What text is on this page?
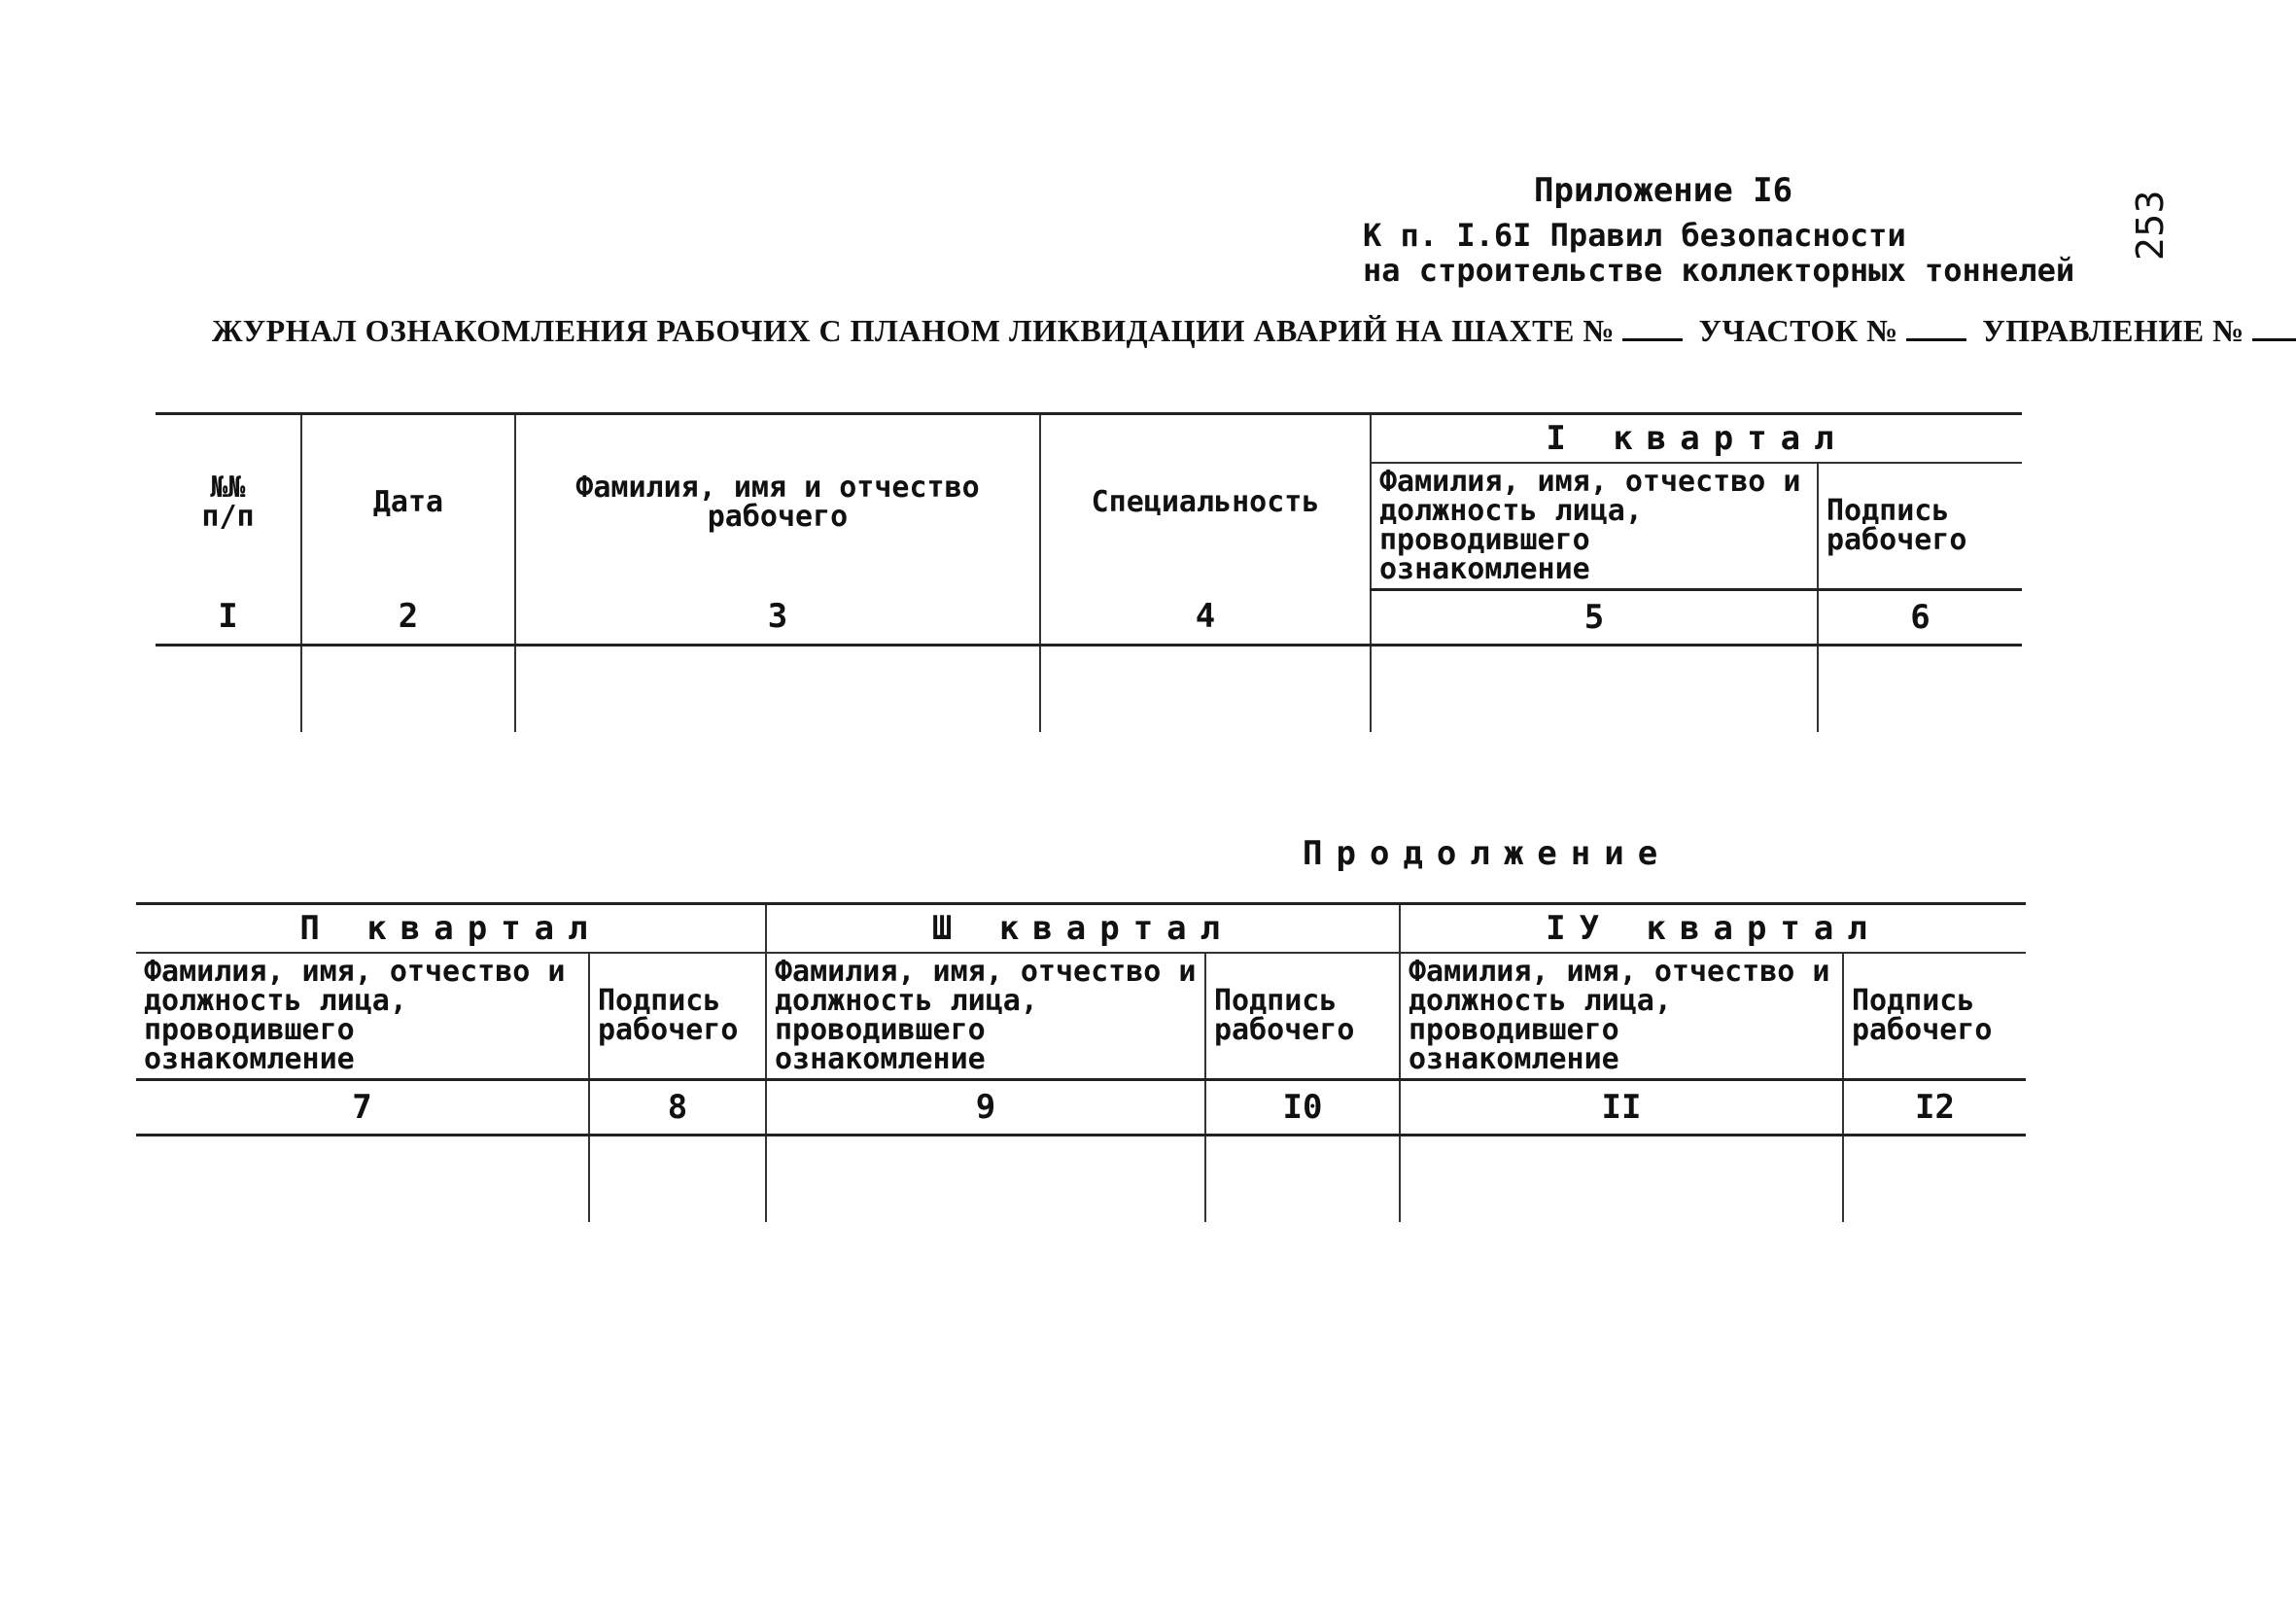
253
Приложение I6
К п. I.6I Правил безопасности
на строительстве коллекторных тоннелей
ЖУРНАЛ ОЗНАКОМЛЕНИЯ РАБОЧИХ С ПЛАНОМ ЛИКВИДАЦИИ АВАРИЙ НА ШАХТЕ №	УЧАСТОК №	УПРАВЛЕНИЕ №
№№
п/п	Дата	Фамилия, имя и отчество рабочего	Специальность	I квартал	
				Фамилия, имя, отчество и должность лица, проводившего ознакомление	Подпись рабочего
I	2	3	4	5	6

Продолжение
П квартал		Ш квартал		IУ квартал	
Фамилия, имя, отчество и должность лица, проводившего ознакомление	Подпись рабочего	Фамилия, имя, отчество и должность лица, проводившего ознакомление	Подпись рабочего	Фамилия, имя, отчество и должность лица, проводившего ознакомление	Подпись рабочего
7	8	9	I0	II	I2
